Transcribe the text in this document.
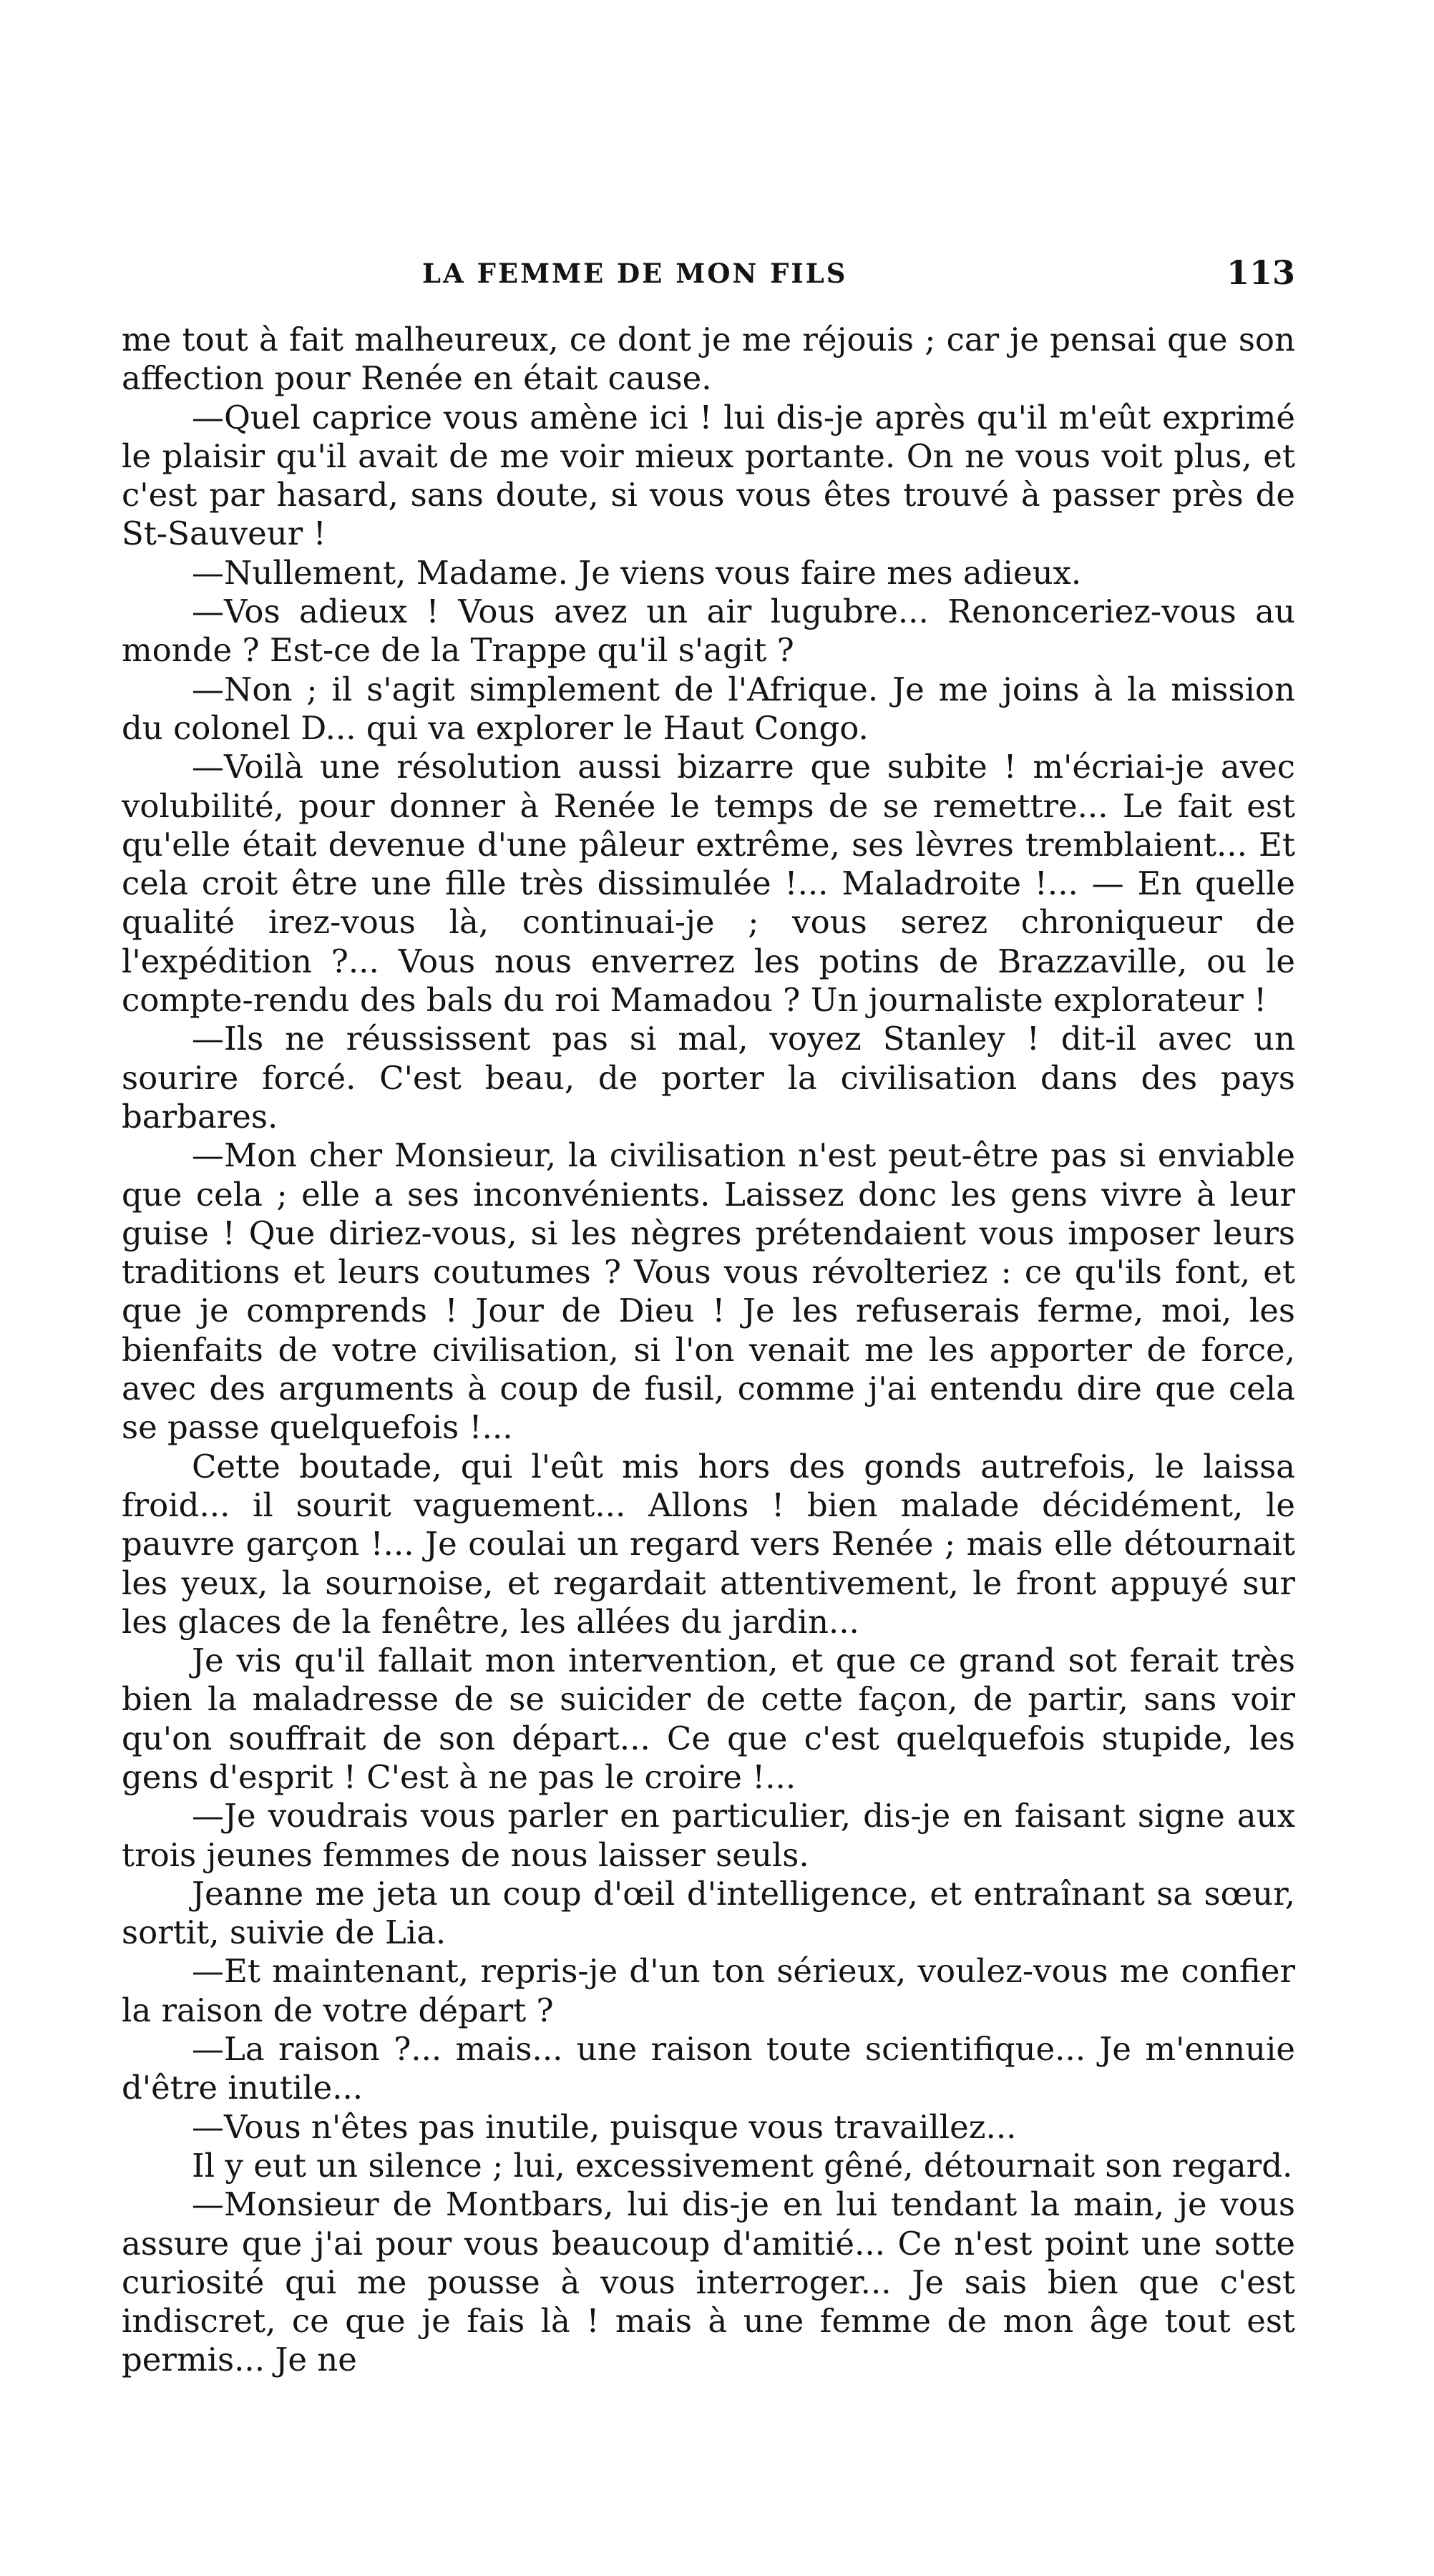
LA FEMME DE MON FILS	113

me tout à fait malheureux, ce dont je me réjouis ; car je pensai que son affection pour Renée en était cause.

—Quel caprice vous amène ici ! lui dis-je après qu'il m'eût exprimé le plaisir qu'il avait de me voir mieux portante. On ne vous voit plus, et c'est par hasard, sans doute, si vous vous êtes trouvé à passer près de St-Sauveur !

—Nullement, Madame. Je viens vous faire mes adieux.

—Vos adieux ! Vous avez un air lugubre... Renonceriez-vous au monde ? Est-ce de la Trappe qu'il s'agit ?

—Non ; il s'agit simplement de l'Afrique. Je me joins à la mission du colonel D... qui va explorer le Haut Congo.

—Voilà une résolution aussi bizarre que subite ! m'écriai-je avec volubilité, pour donner à Renée le temps de se remettre... Le fait est qu'elle était devenue d'une pâleur extrême, ses lèvres tremblaient... Et cela croit être une fille très dissimulée !... Maladroite !... — En quelle qualité irez-vous là, continuai-je ; vous serez chroniqueur de l'expédition ?... Vous nous enverrez les potins de Brazzaville, ou le compte-rendu des bals du roi Mamadou ? Un journaliste explorateur !

—Ils ne réussissent pas si mal, voyez Stanley ! dit-il avec un sourire forcé. C'est beau, de porter la civilisation dans des pays barbares.

—Mon cher Monsieur, la civilisation n'est peut-être pas si enviable que cela ; elle a ses inconvénients. Laissez donc les gens vivre à leur guise ! Que diriez-vous, si les nègres prétendaient vous imposer leurs traditions et leurs coutumes ? Vous vous révolteriez : ce qu'ils font, et que je comprends ! Jour de Dieu ! Je les refuserais ferme, moi, les bienfaits de votre civilisation, si l'on venait me les apporter de force, avec des arguments à coup de fusil, comme j'ai entendu dire que cela se passe quelquefois !...

Cette boutade, qui l'eût mis hors des gonds autrefois, le laissa froid... il sourit vaguement... Allons ! bien malade décidément, le pauvre garçon !... Je coulai un regard vers Renée ; mais elle détournait les yeux, la sournoise, et regardait attentivement, le front appuyé sur les glaces de la fenêtre, les allées du jardin...

Je vis qu'il fallait mon intervention, et que ce grand sot ferait très bien la maladresse de se suicider de cette façon, de partir, sans voir qu'on souffrait de son départ... Ce que c'est quelquefois stupide, les gens d'esprit ! C'est à ne pas le croire !...

—Je voudrais vous parler en particulier, dis-je en faisant signe aux trois jeunes femmes de nous laisser seuls.

Jeanne me jeta un coup d'œil d'intelligence, et entraînant sa sœur, sortit, suivie de Lia.

—Et maintenant, repris-je d'un ton sérieux, voulez-vous me confier la raison de votre départ ?

—La raison ?... mais... une raison toute scientifique... Je m'ennuie d'être inutile...

—Vous n'êtes pas inutile, puisque vous travaillez...

Il y eut un silence ; lui, excessivement gêné, détournait son regard.

—Monsieur de Montbars, lui dis-je en lui tendant la main, je vous assure que j'ai pour vous beaucoup d'amitié... Ce n'est point une sotte curiosité qui me pousse à vous interroger... Je sais bien que c'est indiscret, ce que je fais là ! mais à une femme de mon âge tout est permis... Je ne
